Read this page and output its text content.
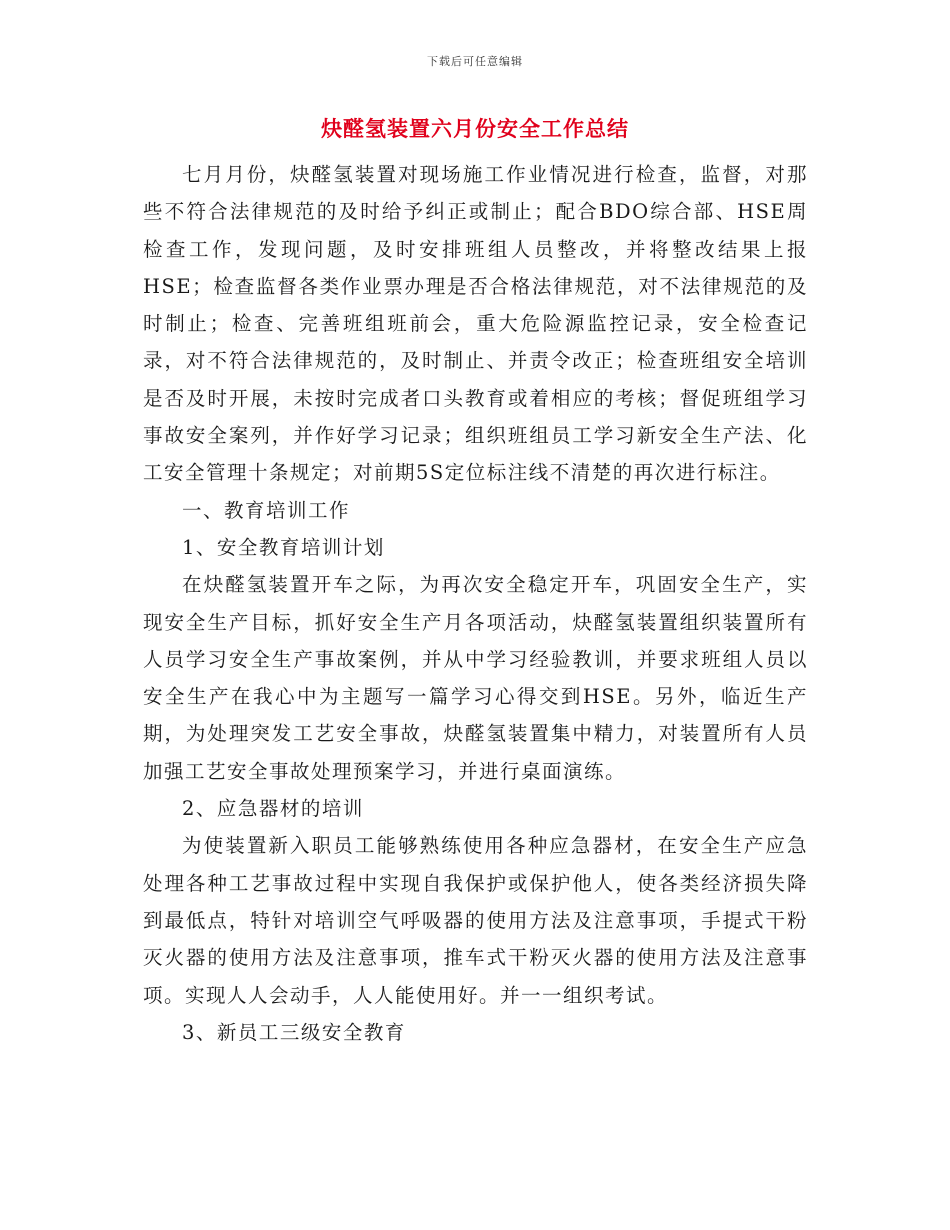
下载后可任意编辑
炔醛氢装置六月份安全工作总结

七月月份，炔醛氢装置对现场施工作业情况进行检查，监督，对那些不符合法律规范的及时给予纠正或制止；配合BDO综合部、HSE周检查工作，发现问题，及时安排班组人员整改，并将整改结果上报HSE；检查监督各类作业票办理是否合格法律规范，对不法律规范的及时制止；检查、完善班组班前会，重大危险源监控记录，安全检查记录，对不符合法律规范的，及时制止、并责令改正；检查班组安全培训是否及时开展，未按时完成者口头教育或着相应的考核；督促班组学习事故安全案列，并作好学习记录；组织班组员工学习新安全生产法、化工安全管理十条规定；对前期5S定位标注线不清楚的再次进行标注。

一、教育培训工作

1、安全教育培训计划

在炔醛氢装置开车之际，为再次安全稳定开车，巩固安全生产，实现安全生产目标，抓好安全生产月各项活动，炔醛氢装置组织装置所有人员学习安全生产事故案例，并从中学习经验教训，并要求班组人员以安全生产在我心中为主题写一篇学习心得交到HSE。另外，临近生产期，为处理突发工艺安全事故，炔醛氢装置集中精力，对装置所有人员加强工艺安全事故处理预案学习，并进行桌面演练。

2、应急器材的培训

为使装置新入职员工能够熟练使用各种应急器材，在安全生产应急处理各种工艺事故过程中实现自我保护或保护他人，使各类经济损失降到最低点，特针对培训空气呼吸器的使用方法及注意事项，手提式干粉灭火器的使用方法及注意事项，推车式干粉灭火器的使用方法及注意事项。实现人人会动手，人人能使用好。并一一组织考试。

3、新员工三级安全教育
